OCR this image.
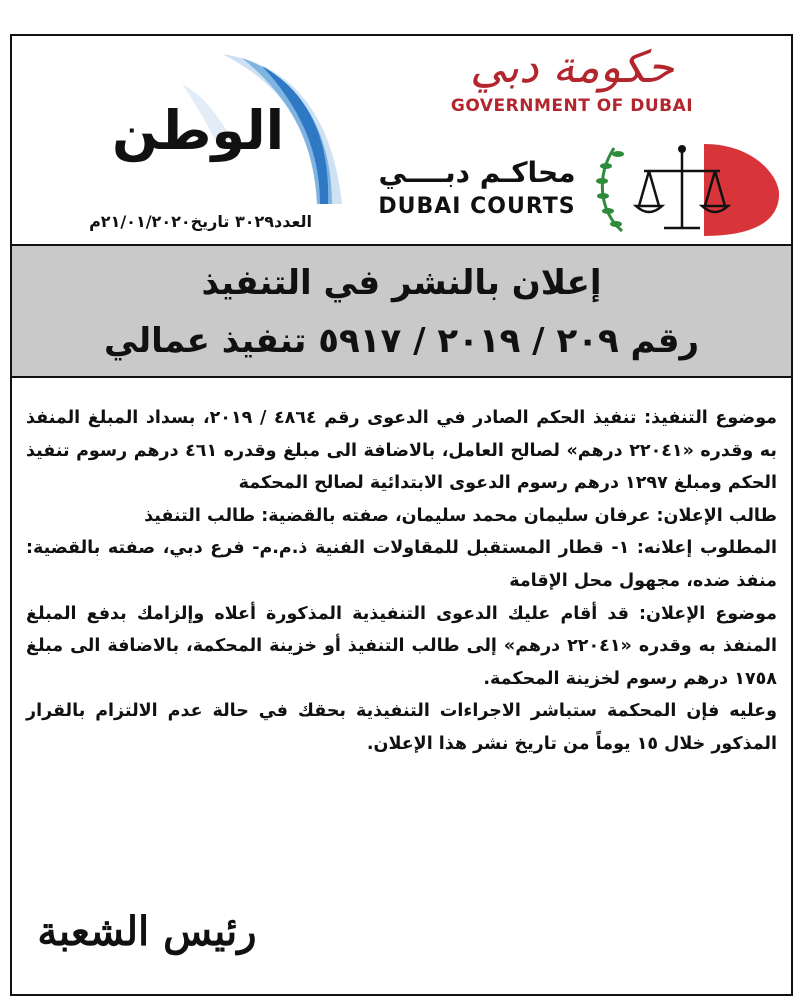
الوطن
العدد٣٠٢٩ تاريخ٢١/٠١/٢٠٢٠م
حكومة دبي
GOVERNMENT OF DUBAI
محاكـم دبــــي
DUBAI COURTS
إعلان بالنشر في التنفيذ
رقم ٢٠٩ / ٢٠١٩ / ٥٩١٧ تنفيذ عمالي

موضوع التنفيذ: تنفيذ الحكم الصادر في الدعوى رقم ٤٨٦٤ / ٢٠١٩، بسداد المبلغ المنفذ به وقدره «٢٢٠٤١ درهم» لصالح العامل، بالاضافة الى مبلغ وقدره ٤٦١ درهم رسوم تنفيذ الحكم ومبلغ ١٢٩٧ درهم رسوم الدعوى الابتدائية لصالح المحكمة

طالب الإعلان: عرفان سليمان محمد سليمان، صفته بالقضية: طالب التنفيذ

المطلوب إعلانه: ١- قطار المستقبل للمقاولات الفنية ذ.م.م- فرع دبي، صفته بالقضية: منفذ ضده، مجهول محل الإقامة

موضوع الإعلان: قد أقام عليك الدعوى التنفيذية المذكورة أعلاه وإلزامك بدفع المبلغ المنفذ به وقدره «٢٢٠٤١ درهم» إلى طالب التنفيذ أو خزينة المحكمة، بالاضافة الى مبلغ ١٧٥٨ درهم رسوم لخزينة المحكمة.

وعليه فإن المحكمة ستباشر الاجراءات التنفيذية بحقك في حالة عدم الالتزام بالقرار المذكور خلال ١٥ يوماً من تاريخ نشر هذا الإعلان.

رئيس الشعبة
